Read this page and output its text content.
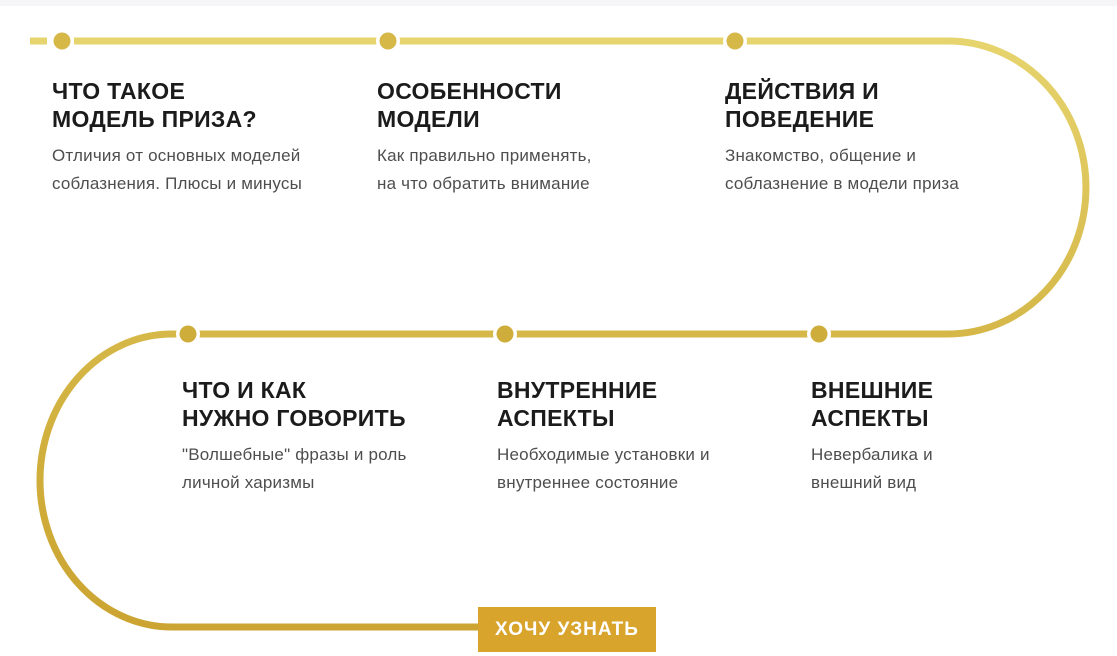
ЧТО ТАКОЕ
МОДЕЛЬ ПРИЗА?
Отличия от основных моделей
соблазнения. Плюсы и минусы
ОСОБЕННОСТИ
МОДЕЛИ
Как правильно применять,
на что обратить внимание
ДЕЙСТВИЯ И
ПОВЕДЕНИЕ
Знакомство, общение и
соблазнение в модели приза
ЧТО И КАК
НУЖНО ГОВОРИТЬ
"Волшебные" фразы и роль
личной харизмы
ВНУТРЕННИЕ
АСПЕКТЫ
Необходимые установки и
внутреннее состояние
ВНЕШНИЕ
АСПЕКТЫ
Невербалика и
внешний вид
ХОЧУ УЗНАТЬ
